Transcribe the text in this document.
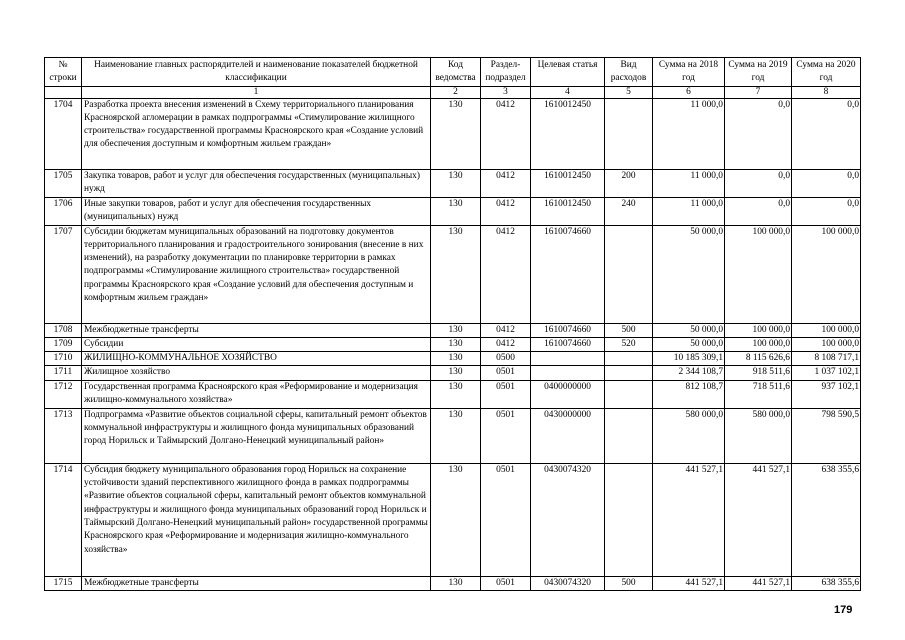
№ строки	Наименование главных распорядителей и наименование показателей бюджетной классификации	Код ведомства	Раздел-подраздел	Целевая статья	Вид расходов	Сумма на 2018 год	Сумма на 2019 год	Сумма на 2020 год
	1	2	3	4	5	6	7	8
1704	Разработка проекта внесения изменений в Схему территориального планирования Красноярской агломерации в рамках подпрограммы «Стимулирование жилищного строительства» государственной программы Красноярского края «Создание условий для обеспечения доступным и комфортным жильем граждан»	130	0412	1610012450		11 000,0	0,0	0,0
1705	Закупка товаров, работ и услуг для обеспечения государственных (муниципальных) нужд	130	0412	1610012450	200	11 000,0	0,0	0,0
1706	Иные закупки товаров, работ и услуг для обеспечения государственных (муниципальных) нужд	130	0412	1610012450	240	11 000,0	0,0	0,0
1707	Субсидии бюджетам муниципальных образований на подготовку документов территориального планирования и градостроительного зонирования (внесение в них изменений), на разработку документации по планировке территории в рамках подпрограммы «Стимулирование жилищного строительства» государственной программы Красноярского края «Создание условий для обеспечения доступным и комфортным жильем граждан»	130	0412	1610074660		50 000,0	100 000,0	100 000,0
1708	Межбюджетные трансферты	130	0412	1610074660	500	50 000,0	100 000,0	100 000,0
1709	Субсидии	130	0412	1610074660	520	50 000,0	100 000,0	100 000,0
1710	ЖИЛИЩНО-КОММУНАЛЬНОЕ ХОЗЯЙСТВО	130	0500			10 185 309,1	8 115 626,6	8 108 717,1
1711	Жилищное хозяйство	130	0501			2 344 108,7	918 511,6	1 037 102,1
1712	Государственная программа Красноярского края «Реформирование и модернизация жилищно-коммунального хозяйства»	130	0501	0400000000		812 108,7	718 511,6	937 102,1
1713	Подпрограмма «Развитие объектов социальной сферы, капитальный ремонт объектов коммунальной инфраструктуры и жилищного фонда муниципальных образований город Норильск и Таймырский Долгано-Ненецкий муниципальный район»	130	0501	0430000000		580 000,0	580 000,0	798 590,5
1714	Субсидия бюджету муниципального образования город Норильск на сохранение устойчивости зданий перспективного жилищного фонда в рамках подпрограммы «Развитие объектов социальной сферы, капитальный ремонт объектов коммунальной инфраструктуры и жилищного фонда муниципальных образований город Норильск и Таймырский Долгано-Ненецкий муниципальный район» государственной программы Красноярского края «Реформирование и модернизация жилищно-коммунального хозяйства»	130	0501	0430074320		441 527,1	441 527,1	638 355,6
1715	Межбюджетные трансферты	130	0501	0430074320	500	441 527,1	441 527,1	638 355,6
179
